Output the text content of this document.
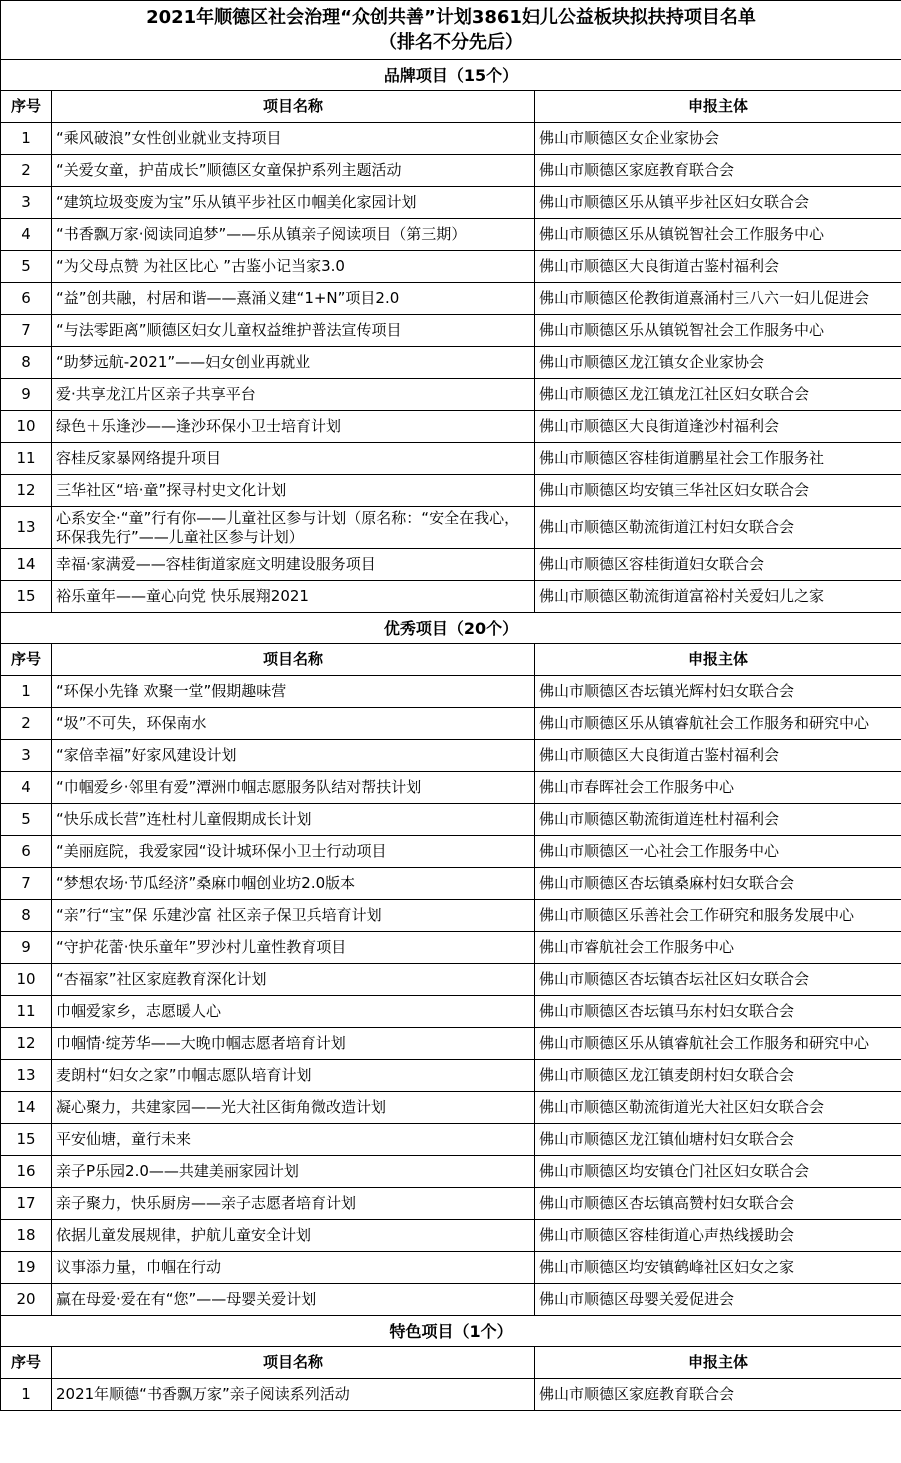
2021年顺德区社会治理“众创共善”计划3861妇儿公益板块拟扶持项目名单		
（排名不分先后）		
品牌项目（15个）		
序号	项目名称	申报主体
1	“乘风破浪”女性创业就业支持项目	佛山市顺德区女企业家协会
2	“关爱女童，护苗成长”顺德区女童保护系列主题活动	佛山市顺德区家庭教育联合会
3	“建筑垃圾变废为宝”乐从镇平步社区巾帼美化家园计划	佛山市顺德区乐从镇平步社区妇女联合会
4	“书香飘万家·阅读同追梦”——乐从镇亲子阅读项目（第三期）	佛山市顺德区乐从镇锐智社会工作服务中心
5	“为父母点赞 为社区比心 ”古鉴小记当家3.0	佛山市顺德区大良街道古鉴村福利会
6	“益”创共融，村居和谐——熹涌义建“1+N”项目2.0	佛山市顺德区伦教街道熹涌村三八六一妇儿促进会
7	“与法零距离”顺德区妇女儿童权益维护普法宣传项目	佛山市顺德区乐从镇锐智社会工作服务中心
8	“助梦远航-2021”——妇女创业再就业	佛山市顺德区龙江镇女企业家协会
9	爱·共享龙江片区亲子共享平台	佛山市顺德区龙江镇龙江社区妇女联合会
10	绿色＋乐逢沙——逢沙环保小卫士培育计划	佛山市顺德区大良街道逢沙村福利会
11	容桂反家暴网络提升项目	佛山市顺德区容桂街道鹏星社会工作服务社
12	三华社区“培·童”探寻村史文化计划	佛山市顺德区均安镇三华社区妇女联合会
13	心系安全·“童”行有你——儿童社区参与计划（原名称：“安全在我心，环保我先行”——儿童社区参与计划）	佛山市顺德区勒流街道江村妇女联合会
14	幸福·家满爱——容桂街道家庭文明建设服务项目	佛山市顺德区容桂街道妇女联合会
15	裕乐童年——童心向党 快乐展翔2021	佛山市顺德区勒流街道富裕村关爱妇儿之家
优秀项目（20个）		
序号	项目名称	申报主体
1	“环保小先锋 欢聚一堂”假期趣味营	佛山市顺德区杏坛镇光辉村妇女联合会
2	“圾”不可失，环保南水	佛山市顺德区乐从镇睿航社会工作服务和研究中心
3	“家倍幸福”好家风建设计划	佛山市顺德区大良街道古鉴村福利会
4	“巾帼爱乡·邻里有爱”潭洲巾帼志愿服务队结对帮扶计划	佛山市春晖社会工作服务中心
5	“快乐成长营”连杜村儿童假期成长计划	佛山市顺德区勒流街道连杜村福利会
6	“美丽庭院，我爱家园“设计城环保小卫士行动项目	佛山市顺德区一心社会工作服务中心
7	“梦想农场·节瓜经济”桑麻巾帼创业坊2.0版本	佛山市顺德区杏坛镇桑麻村妇女联合会
8	“亲”行“宝”保 乐建沙富 社区亲子保卫兵培育计划	佛山市顺德区乐善社会工作研究和服务发展中心
9	“守护花蕾·快乐童年”罗沙村儿童性教育项目	佛山市睿航社会工作服务中心
10	“杏福家”社区家庭教育深化计划	佛山市顺德区杏坛镇杏坛社区妇女联合会
11	巾帼爱家乡，志愿暖人心	佛山市顺德区杏坛镇马东村妇女联合会
12	巾帼情·绽芳华——大晚巾帼志愿者培育计划	佛山市顺德区乐从镇睿航社会工作服务和研究中心
13	麦朗村“妇女之家”巾帼志愿队培育计划	佛山市顺德区龙江镇麦朗村妇女联合会
14	凝心聚力，共建家园——光大社区街角微改造计划	佛山市顺德区勒流街道光大社区妇女联合会
15	平安仙塘，童行未来	佛山市顺德区龙江镇仙塘村妇女联合会
16	亲子P乐园2.0——共建美丽家园计划	佛山市顺德区均安镇仓门社区妇女联合会
17	亲子聚力，快乐厨房——亲子志愿者培育计划	佛山市顺德区杏坛镇高赞村妇女联合会
18	依据儿童发展规律，护航儿童安全计划	佛山市顺德区容桂街道心声热线援助会
19	议事添力量，巾帼在行动	佛山市顺德区均安镇鹤峰社区妇女之家
20	赢在母爱·爱在有“您”——母婴关爱计划	佛山市顺德区母婴关爱促进会
特色项目（1个）		
序号	项目名称	申报主体
1	2021年顺德“书香飘万家”亲子阅读系列活动	佛山市顺德区家庭教育联合会
